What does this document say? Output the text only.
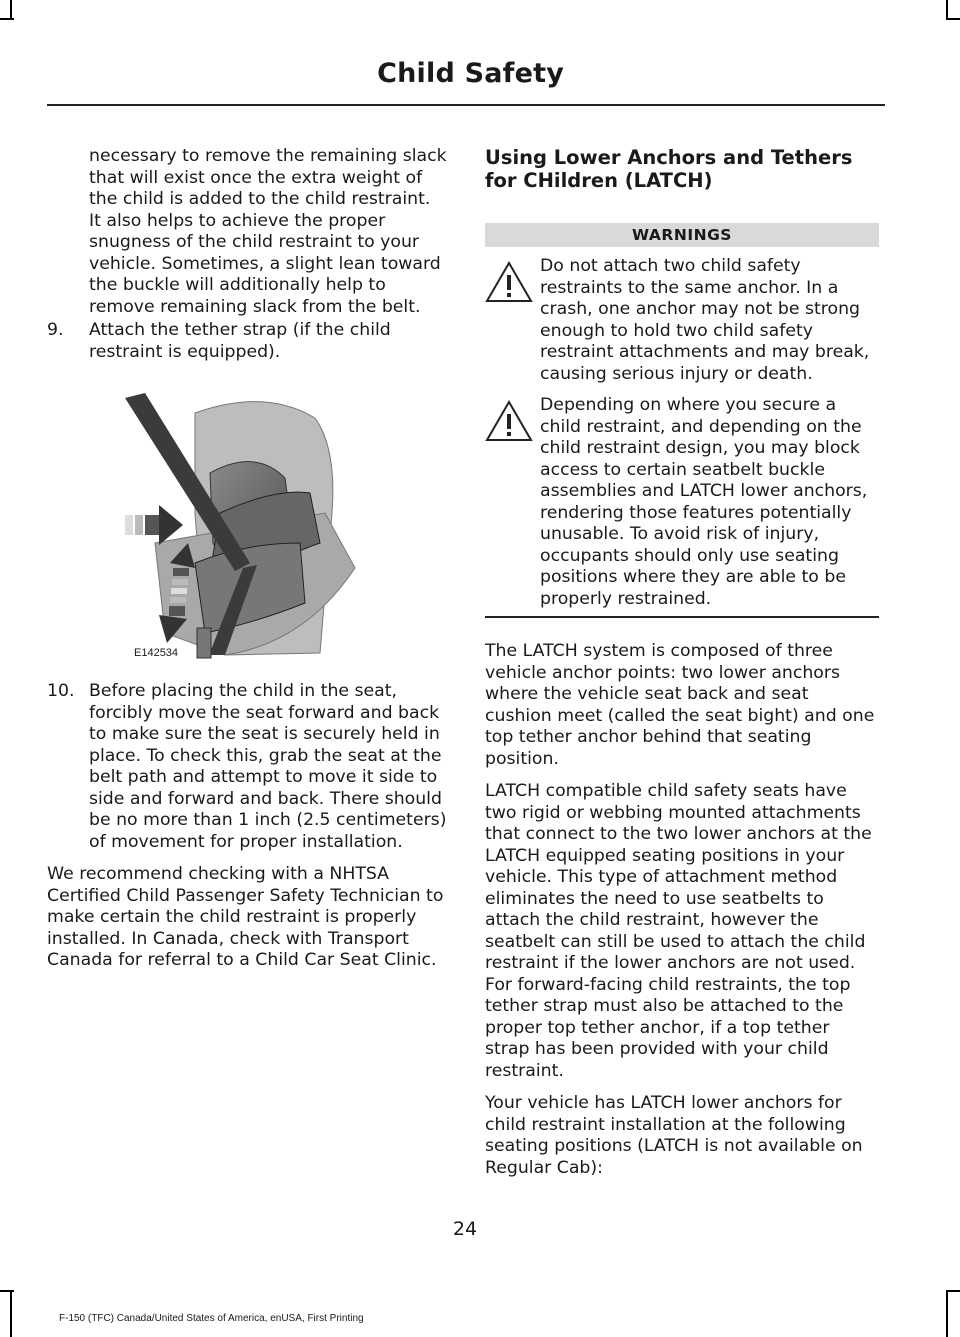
Child Safety

necessary to remove the remaining slack that will exist once the extra weight of the child is added to the child restraint. It also helps to achieve the proper snugness of the child restraint to your vehicle. Sometimes, a slight lean toward the buckle will additionally help to remove remaining slack from the belt.

9. Attach the tether strap (if the child restraint is equipped).
E142534
10. Before placing the child in the seat, forcibly move the seat forward and back to make sure the seat is securely held in place. To check this, grab the seat at the belt path and attempt to move it side to side and forward and back. There should be no more than 1 inch (2.5 centimeters) of movement for proper installation.

We recommend checking with a NHTSA Certified Child Passenger Safety Technician to make certain the child restraint is properly installed. In Canada, check with Transport Canada for referral to a Child Car Seat Clinic.

Using Lower Anchors and Tethers for CHildren (LATCH)
WARNINGS
Do not attach two child safety restraints to the same anchor. In a crash, one anchor may not be strong enough to hold two child safety restraint attachments and may break, causing serious injury or death.
Depending on where you secure a child restraint, and depending on the child restraint design, you may block access to certain seatbelt buckle assemblies and LATCH lower anchors, rendering those features potentially unusable. To avoid risk of injury, occupants should only use seating positions where they are able to be properly restrained.

The LATCH system is composed of three vehicle anchor points: two lower anchors where the vehicle seat back and seat cushion meet (called the seat bight) and one top tether anchor behind that seating position.

LATCH compatible child safety seats have two rigid or webbing mounted attachments that connect to the two lower anchors at the LATCH equipped seating positions in your vehicle. This type of attachment method eliminates the need to use seatbelts to attach the child restraint, however the seatbelt can still be used to attach the child restraint if the lower anchors are not used. For forward-facing child restraints, the top tether strap must also be attached to the proper top tether anchor, if a top tether strap has been provided with your child restraint.

Your vehicle has LATCH lower anchors for child restraint installation at the following seating positions (LATCH is not available on Regular Cab):

24
F-150 (TFC) Canada/United States of America, enUSA, First Printing
